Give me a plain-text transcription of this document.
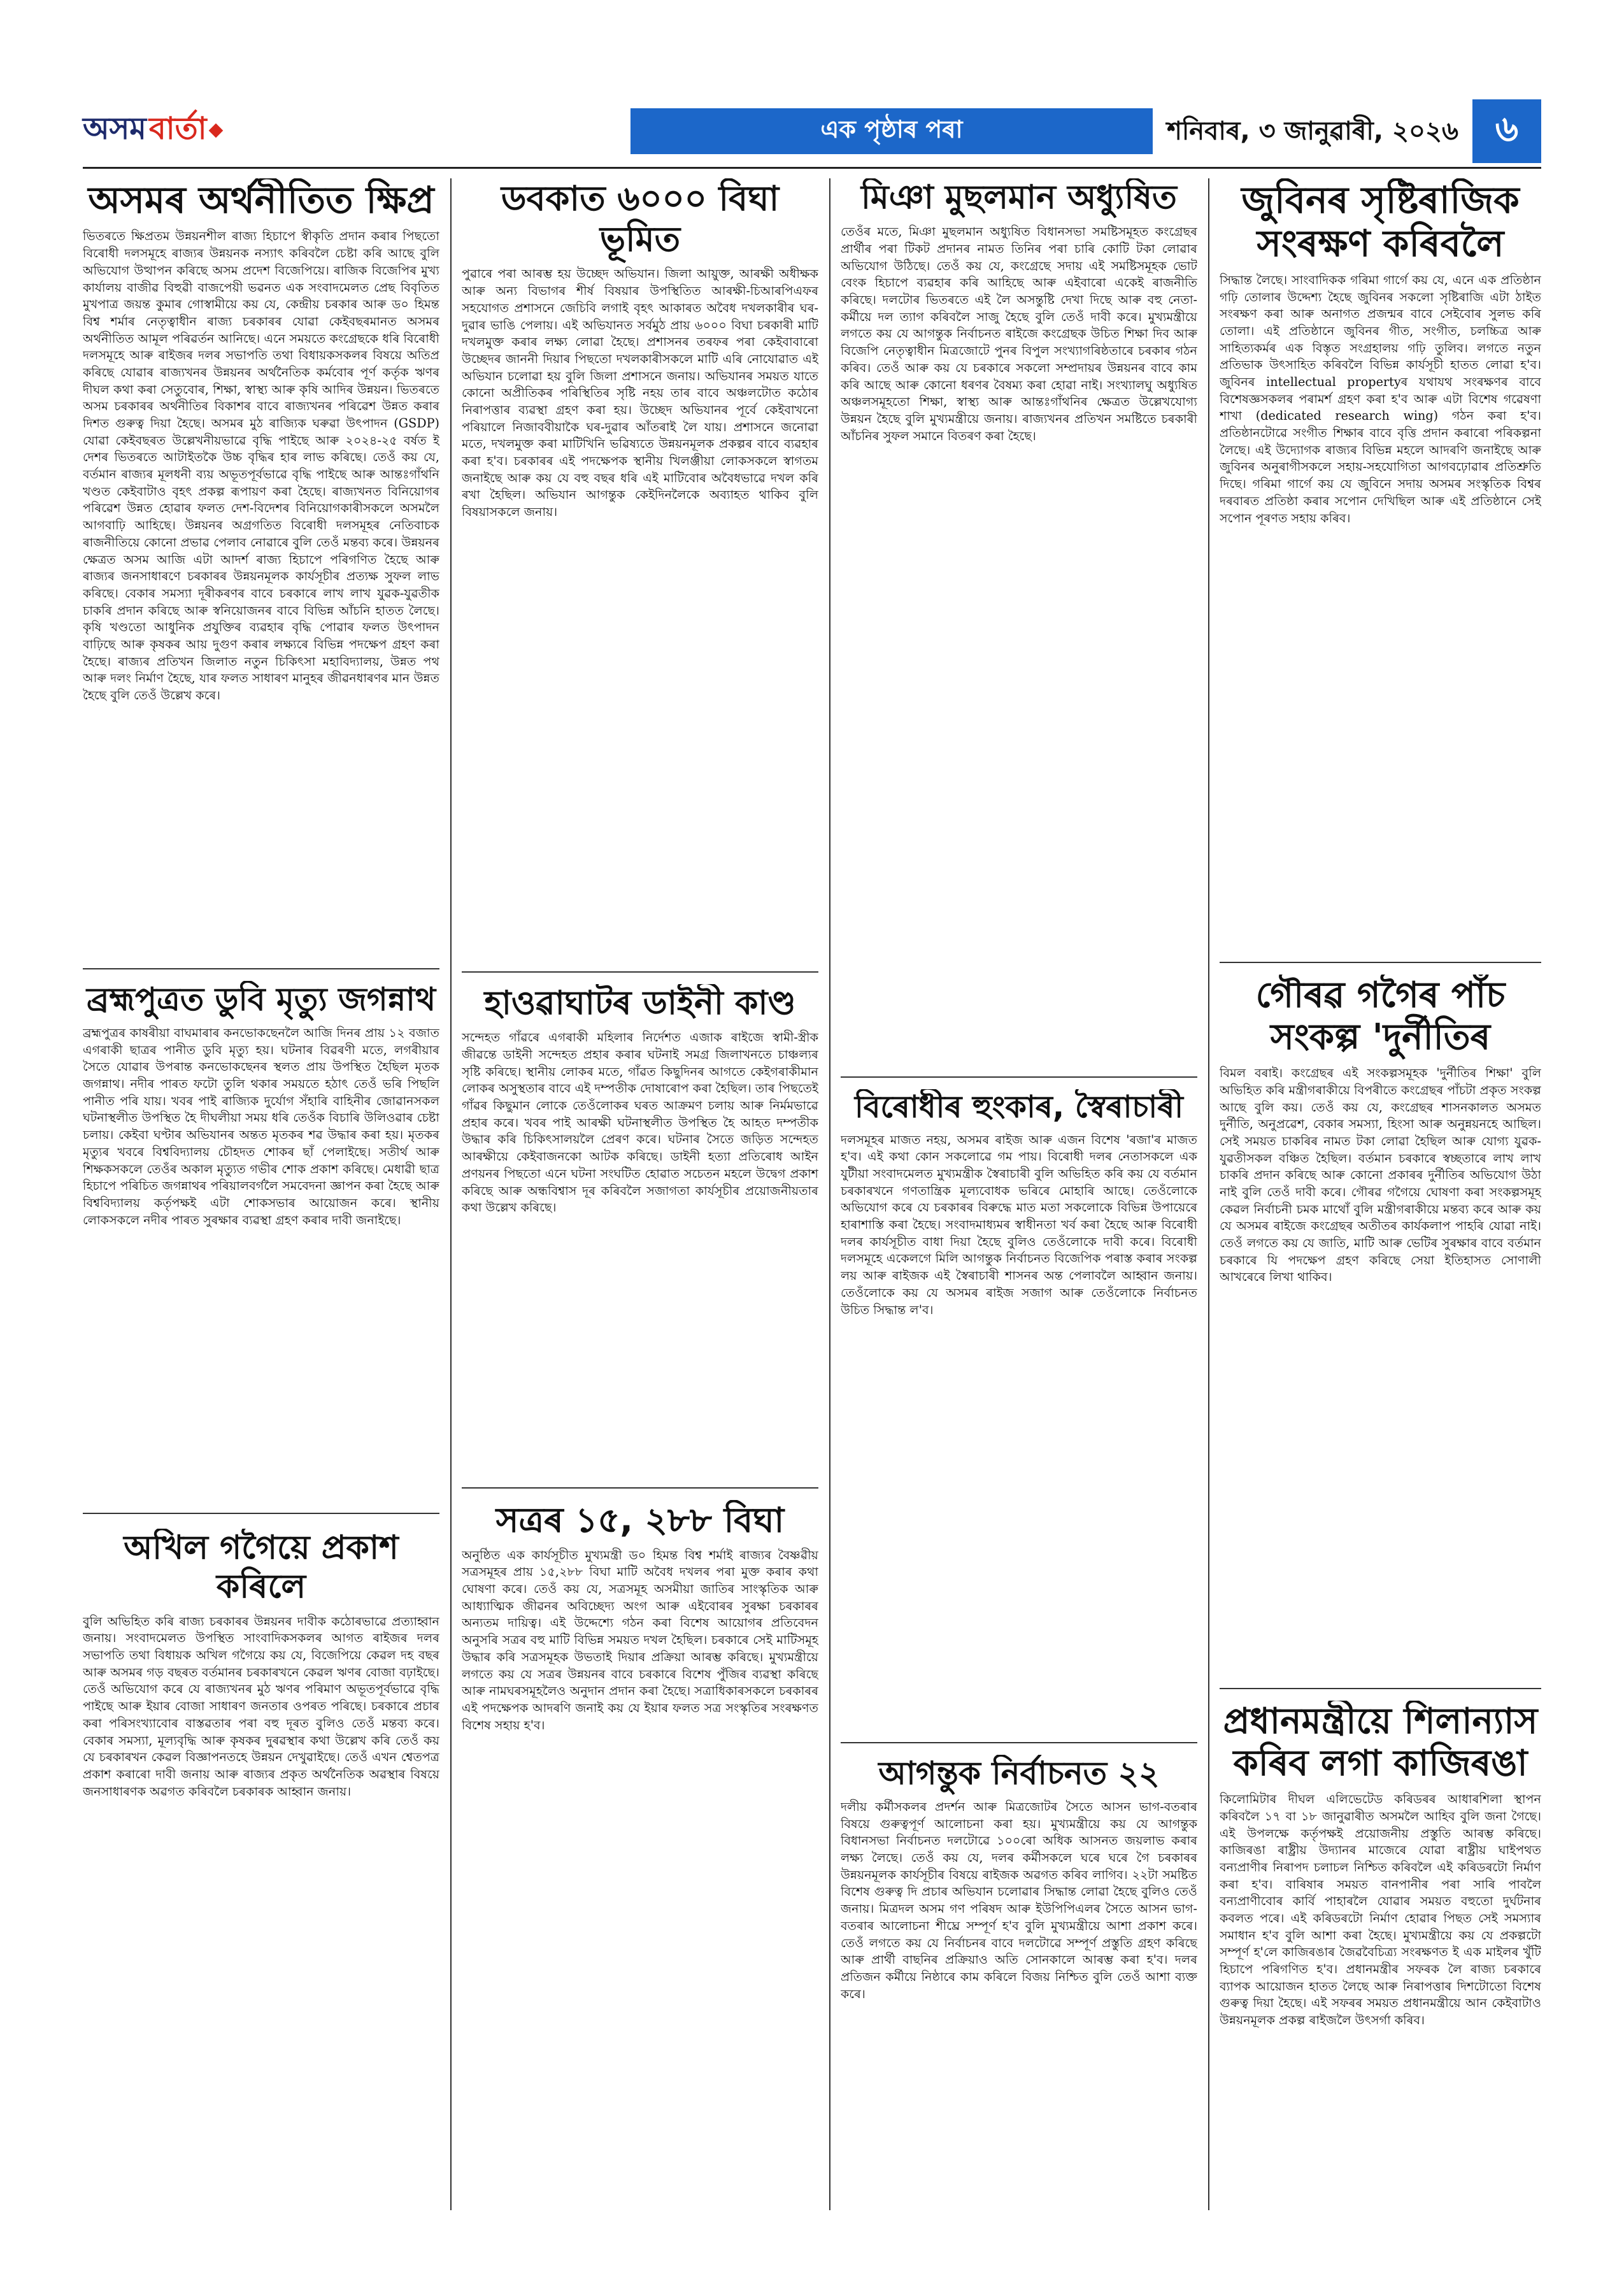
অসম বাৰ্তা	এক পৃষ্ঠাৰ পৰা	শনিবাৰ, ৩ জানুৱাৰী, ২০২৬	৬
অসমৰ অৰ্থনীতিত ক্ষিপ্ৰ

ভিতৰতে ক্ষিপ্ৰতম উন্নয়নশীল ৰাজ্য হিচাপে স্বীকৃতি প্ৰদান কৰাৰ পিছতো বিৰোধী দলসমূহে ৰাজ্যৰ উন্নয়নক নস্যাৎ কৰিবলৈ চেষ্টা কৰি আছে বুলি অভিযোগ উত্থাপন কৰিছে অসম প্ৰদেশ বিজেপিয়ে। ৰাজিক বিজেপিৰ মুখ্য কাৰ্যালয় বাজীৱ বিহুৱী বাজপেয়ী ভৱনত এক সংবাদমেলত প্ৰেছ বিবৃতিত মুখপাত্ৰ জয়ন্ত কুমাৰ গোস্বামীয়ে কয় যে, কেন্দ্ৰীয় চৰকাৰ আৰু ড০ হিমন্ত বিশ্ব শৰ্মাৰ নেতৃত্বাধীন ৰাজ্য চৰকাৰৰ যোৱা কেইবছৰমানত অসমৰ অৰ্থনীতিত আমূল পৰিৱৰ্তন আনিছে। এনে সময়তে কংগ্ৰেছকে ধৰি বিৰোধী দলসমূহে আৰু ৰাইজৰ দলৰ সভাপতি তথা বিধায়কসকলৰ বিষয়ে অতিপ্ৰ কৰিছে যোৱাৰ ৰাজ্যখনৰ উন্নয়নৰ অৰ্থনৈতিক কৰ্মবোৰ পূৰ্ণ কৰ্তৃক ঋণৰ দীঘল কথা কৰা সেতুবোৰ, শিক্ষা, স্বাস্থ্য আৰু কৃষি আদিৰ উন্নয়ন। ভিতৰতে অসম চৰকাৰৰ অৰ্থনীতিৰ বিকাশৰ বাবে ৰাজ্যখনৰ পৰিৱেশ উন্নত কৰাৰ দিশত গুৰুত্ব দিয়া হৈছে। অসমৰ মুঠ ৰাজ্যিক ঘৰুৱা উৎপাদন (GSDP) যোৱা কেইবছৰত উল্লেখনীয়ভাৱে বৃদ্ধি পাইছে আৰু ২০২৪-২৫ বৰ্ষত ই দেশৰ ভিতৰতে আটাইতকৈ উচ্চ বৃদ্ধিৰ হাৰ লাভ কৰিছে। তেওঁ কয় যে, বৰ্তমান ৰাজ্যৰ মূলধনী ব্যয় অভূতপূৰ্বভাৱে বৃদ্ধি পাইছে আৰু আন্তঃগাঁথনি খণ্ডত কেইবাটাও বৃহৎ প্ৰকল্প ৰূপায়ণ কৰা হৈছে। ৰাজ্যখনত বিনিয়োগৰ পৰিৱেশ উন্নত হোৱাৰ ফলত দেশ-বিদেশৰ বিনিয়োগকাৰীসকলে অসমলৈ আগবাঢ়ি আহিছে। উন্নয়নৰ অগ্ৰগতিত বিৰোধী দলসমূহৰ নেতিবাচক ৰাজনীতিয়ে কোনো প্ৰভাৱ পেলাব নোৱাৰে বুলি তেওঁ মন্তব্য কৰে। উন্নয়নৰ ক্ষেত্ৰত অসম আজি এটা আদৰ্শ ৰাজ্য হিচাপে পৰিগণিত হৈছে আৰু ৰাজ্যৰ জনসাধাৰণে চৰকাৰৰ উন্নয়নমূলক কাৰ্যসূচীৰ প্ৰত্যক্ষ সুফল লাভ কৰিছে। বেকাৰ সমস্যা দূৰীকৰণৰ বাবে চৰকাৰে লাখ লাখ যুৱক-যুৱতীক চাকৰি প্ৰদান কৰিছে আৰু স্বনিয়োজনৰ বাবে বিভিন্ন আঁচনি হাতত লৈছে। কৃষি খণ্ডতো আধুনিক প্ৰযুক্তিৰ ব্যৱহাৰ বৃদ্ধি পোৱাৰ ফলত উৎপাদন বাঢ়িছে আৰু কৃষকৰ আয় দুগুণ কৰাৰ লক্ষ্যৰে বিভিন্ন পদক্ষেপ গ্ৰহণ কৰা হৈছে। ৰাজ্যৰ প্ৰতিখন জিলাত নতুন চিকিৎসা মহাবিদ্যালয়, উন্নত পথ আৰু দলং নিৰ্মাণ হৈছে, যাৰ ফলত সাধাৰণ মানুহৰ জীৱনধাৰণৰ মান উন্নত হৈছে বুলি তেওঁ উল্লেখ কৰে।

ব্ৰহ্মপুত্ৰত ডুবি মৃত্যু জগন্নাথ

ব্ৰহ্মপুত্ৰৰ কাষৰীয়া বাঘমাৰাৰ কনভোকছেনলৈ আজি দিনৰ প্ৰায় ১২ বজাত এগৰাকী ছাত্ৰৰ পানীত ডুবি মৃত্যু হয়। ঘটনাৰ বিৱৰণী মতে, লগৰীয়াৰ সৈতে যোৱাৰ উপৰান্ত কনভোকছেনৰ স্থলত প্ৰায় উপস্থিত হৈছিল মৃতক জগন্নাথ। নদীৰ পাৰত ফটো তুলি থকাৰ সময়তে হঠাৎ তেওঁ ভৰি পিছলি পানীত পৰি যায়। খবৰ পাই ৰাজ্যিক দুৰ্যোগ সঁহাৰি বাহিনীৰ জোৱানসকল ঘটনাস্থলীত উপস্থিত হৈ দীঘলীয়া সময় ধৰি তেওঁক বিচাৰি উলিওৱাৰ চেষ্টা চলায়। কেইবা ঘণ্টাৰ অভিযানৰ অন্তত মৃতকৰ শৱ উদ্ধাৰ কৰা হয়। মৃতকৰ মৃত্যুৰ খবৰে বিশ্ববিদ্যালয় চৌহদত শোকৰ ছাঁ পেলাইছে। সতীৰ্থ আৰু শিক্ষকসকলে তেওঁৰ অকাল মৃত্যুত গভীৰ শোক প্ৰকাশ কৰিছে। মেধাৱী ছাত্ৰ হিচাপে পৰিচিত জগন্নাথৰ পৰিয়ালবৰ্গলৈ সমবেদনা জ্ঞাপন কৰা হৈছে আৰু বিশ্ববিদ্যালয় কৰ্তৃপক্ষই এটা শোকসভাৰ আয়োজন কৰে। স্থানীয় লোকসকলে নদীৰ পাৰত সুৰক্ষাৰ ব্যৱস্থা গ্ৰহণ কৰাৰ দাবী জনাইছে।

অখিল গগৈয়ে প্ৰকাশ কৰিলে

বুলি অভিহিত কৰি ৰাজ্য চৰকাৰৰ উন্নয়নৰ দাবীক কঠোৰভাৱে প্ৰত্যাহ্বান জনায়। সংবাদমেলত উপস্থিত সাংবাদিকসকলৰ আগত ৰাইজৰ দলৰ সভাপতি তথা বিধায়ক অখিল গগৈয়ে কয় যে, বিজেপিয়ে কেৱল দহ বছৰ আৰু অসমৰ গড় বছৰত বৰ্তমানৰ চৰকাৰখনে কেৱল ঋণৰ বোজা বঢ়াইছে। তেওঁ অভিযোগ কৰে যে ৰাজ্যখনৰ মুঠ ঋণৰ পৰিমাণ অভূতপূৰ্বভাৱে বৃদ্ধি পাইছে আৰু ইয়াৰ বোজা সাধাৰণ জনতাৰ ওপৰত পৰিছে। চৰকাৰে প্ৰচাৰ কৰা পৰিসংখ্যাবোৰ বাস্তৱতাৰ পৰা বহু দূৰত বুলিও তেওঁ মন্তব্য কৰে। বেকাৰ সমস্যা, মূল্যবৃদ্ধি আৰু কৃষকৰ দুৰৱস্থাৰ কথা উল্লেখ কৰি তেওঁ কয় যে চৰকাৰখন কেৱল বিজ্ঞাপনতহে উন্নয়ন দেখুৱাইছে। তেওঁ এখন শ্বেতপত্ৰ প্ৰকাশ কৰাৰো দাবী জনায় আৰু ৰাজ্যৰ প্ৰকৃত অৰ্থনৈতিক অৱস্থাৰ বিষয়ে জনসাধাৰণক অৱগত কৰিবলৈ চৰকাৰক আহ্বান জনায়।

ডবকাত ৬০০০ বিঘা ভূমিত

পুৱাৰে পৰা আৰম্ভ হয় উচ্ছেদ অভিযান। জিলা আয়ুক্ত, আৰক্ষী অধীক্ষক আৰু অন্য বিভাগৰ শীৰ্ষ বিষয়াৰ উপস্থিতিত আৰক্ষী-চিআৰপিএফৰ সহযোগত প্ৰশাসনে জেচিবি লগাই বৃহৎ আকাৰত অবৈধ দখলকাৰীৰ ঘৰ-দুৱাৰ ভাঙি পেলায়। এই অভিযানত সৰ্বমুঠ প্ৰায় ৬০০০ বিঘা চৰকাৰী মাটি দখলমুক্ত কৰাৰ লক্ষ্য লোৱা হৈছে। প্ৰশাসনৰ তৰফৰ পৰা কেইবাবাৰো উচ্ছেদৰ জাননী দিয়াৰ পিছতো দখলকাৰীসকলে মাটি এৰি নোযোৱাত এই অভিযান চলোৱা হয় বুলি জিলা প্ৰশাসনে জনায়। অভিযানৰ সময়ত যাতে কোনো অপ্ৰীতিকৰ পৰিস্থিতিৰ সৃষ্টি নহয় তাৰ বাবে অঞ্চলটোত কঠোৰ নিৰাপত্তাৰ ব্যৱস্থা গ্ৰহণ কৰা হয়। উচ্ছেদ অভিযানৰ পূৰ্বে কেইবাখনো পৰিয়ালে নিজাববীয়াকৈ ঘৰ-দুৱাৰ আঁতৰাই লৈ যায়। প্ৰশাসনে জনোৱা মতে, দখলমুক্ত কৰা মাটিখিনি ভৱিষ্যতে উন্নয়নমূলক প্ৰকল্পৰ বাবে ব্যৱহাৰ কৰা হ'ব। চৰকাৰৰ এই পদক্ষেপক স্থানীয় খিলঞ্জীয়া লোকসকলে স্বাগতম জনাইছে আৰু কয় যে বহু বছৰ ধৰি এই মাটিবোৰ অবৈধভাৱে দখল কৰি ৰখা হৈছিল। অভিযান আগন্তুক কেইদিনলৈকে অব্যাহত থাকিব বুলি বিষয়াসকলে জনায়।

হাওৱাঘাটৰ ডাইনী কাণ্ড

সন্দেহত গাঁৱৰে এগৰাকী মহিলাৰ নিৰ্দেশত এজাক ৰাইজে স্বামী-স্ত্ৰীক জীৱন্তে ডাইনী সন্দেহত প্ৰহাৰ কৰাৰ ঘটনাই সমগ্ৰ জিলাখনতে চাঞ্চল্যৰ সৃষ্টি কৰিছে। স্থানীয় লোকৰ মতে, গাঁৱত কিছুদিনৰ আগতে কেইগৰাকীমান লোকৰ অসুস্থতাৰ বাবে এই দম্পতীক দোষাৰোপ কৰা হৈছিল। তাৰ পিছতেই গাঁৱৰ কিছুমান লোকে তেওঁলোকৰ ঘৰত আক্ৰমণ চলায় আৰু নিৰ্মমভাৱে প্ৰহাৰ কৰে। খবৰ পাই আৰক্ষী ঘটনাস্থলীত উপস্থিত হৈ আহত দম্পতীক উদ্ধাৰ কৰি চিকিৎসালয়লৈ প্ৰেৰণ কৰে। ঘটনাৰ সৈতে জড়িত সন্দেহত আৰক্ষীয়ে কেইবাজনকো আটক কৰিছে। ডাইনী হত্যা প্ৰতিৰোধ আইন প্ৰণয়নৰ পিছতো এনে ঘটনা সংঘটিত হোৱাত সচেতন মহলে উদ্বেগ প্ৰকাশ কৰিছে আৰু অন্ধবিশ্বাস দূৰ কৰিবলৈ সজাগতা কাৰ্যসূচীৰ প্ৰয়োজনীয়তাৰ কথা উল্লেখ কৰিছে।

সত্ৰৰ ১৫, ২৮৮ বিঘা

অনুষ্ঠিত এক কাৰ্যসূচীত মুখ্যমন্ত্ৰী ড০ হিমন্ত বিশ্ব শৰ্মাই ৰাজ্যৰ বৈষ্ণৱীয় সত্ৰসমূহৰ প্ৰায় ১৫,২৮৮ বিঘা মাটি অবৈধ দখলৰ পৰা মুক্ত কৰাৰ কথা ঘোষণা কৰে। তেওঁ কয় যে, সত্ৰসমূহ অসমীয়া জাতিৰ সাংস্কৃতিক আৰু আধ্যাত্মিক জীৱনৰ অবিচ্ছেদ্য অংগ আৰু এইবোৰৰ সুৰক্ষা চৰকাৰৰ অন্যতম দায়িত্ব। এই উদ্দেশ্যে গঠন কৰা বিশেষ আয়োগৰ প্ৰতিবেদন অনুসৰি সত্ৰৰ বহু মাটি বিভিন্ন সময়ত দখল হৈছিল। চৰকাৰে সেই মাটিসমূহ উদ্ধাৰ কৰি সত্ৰসমূহক উভতাই দিয়াৰ প্ৰক্ৰিয়া আৰম্ভ কৰিছে। মুখ্যমন্ত্ৰীয়ে লগতে কয় যে সত্ৰৰ উন্নয়নৰ বাবে চৰকাৰে বিশেষ পুঁজিৰ ব্যৱস্থা কৰিছে আৰু নামঘৰসমূহলৈও অনুদান প্ৰদান কৰা হৈছে। সত্ৰাধিকাৰসকলে চৰকাৰৰ এই পদক্ষেপক আদৰণি জনাই কয় যে ইয়াৰ ফলত সত্ৰ সংস্কৃতিৰ সংৰক্ষণত বিশেষ সহায় হ'ব।

মিঞা মুছলমান অধ্যুষিত

তেওঁৰ মতে, মিঞা মুছলমান অধ্যুষিত বিধানসভা সমষ্টিসমূহত কংগ্ৰেছৰ প্ৰাৰ্থীৰ পৰা টিকট প্ৰদানৰ নামত তিনিৰ পৰা চাৰি কোটি টকা লোৱাৰ অভিযোগ উঠিছে। তেওঁ কয় যে, কংগ্ৰেছে সদায় এই সমষ্টিসমূহক ভোট বেংক হিচাপে ব্যৱহাৰ কৰি আহিছে আৰু এইবাৰো একেই ৰাজনীতি কৰিছে। দলটোৰ ভিতৰতে এই লৈ অসন্তুষ্টি দেখা দিছে আৰু বহু নেতা-কৰ্মীয়ে দল ত্যাগ কৰিবলৈ সাজু হৈছে বুলি তেওঁ দাবী কৰে। মুখ্যমন্ত্ৰীয়ে লগতে কয় যে আগন্তুক নিৰ্বাচনত ৰাইজে কংগ্ৰেছক উচিত শিক্ষা দিব আৰু বিজেপি নেতৃত্বাধীন মিত্ৰজোটে পুনৰ বিপুল সংখ্যাগৰিষ্ঠতাৰে চৰকাৰ গঠন কৰিব। তেওঁ আৰু কয় যে চৰকাৰে সকলো সম্প্ৰদায়ৰ উন্নয়নৰ বাবে কাম কৰি আছে আৰু কোনো ধৰণৰ বৈষম্য কৰা হোৱা নাই। সংখ্যালঘু অধ্যুষিত অঞ্চলসমূহতো শিক্ষা, স্বাস্থ্য আৰু আন্তঃগাঁথনিৰ ক্ষেত্ৰত উল্লেখযোগ্য উন্নয়ন হৈছে বুলি মুখ্যমন্ত্ৰীয়ে জনায়। ৰাজ্যখনৰ প্ৰতিখন সমষ্টিতে চৰকাৰী আঁচনিৰ সুফল সমানে বিতৰণ কৰা হৈছে।

বিৰোধীৰ হুংকাৰ, স্বৈৰাচাৰী

দলসমূহৰ মাজত নহয়, অসমৰ ৰাইজ আৰু এজন বিশেষ 'ৰজা'ৰ মাজত হ'ব। এই কথা কোন সকলোৱে গম পায়। বিৰোধী দলৰ নেতাসকলে এক যুটীয়া সংবাদমেলত মুখ্যমন্ত্ৰীক স্বৈৰাচাৰী বুলি অভিহিত কৰি কয় যে বৰ্তমান চৰকাৰখনে গণতান্ত্ৰিক মূল্যবোধক ভৰিৰে মোহাৰি আছে। তেওঁলোকে অভিযোগ কৰে যে চৰকাৰৰ বিৰুদ্ধে মাত মতা সকলোকে বিভিন্ন উপায়েৰে হাৰাশাস্তি কৰা হৈছে। সংবাদমাধ্যমৰ স্বাধীনতা খৰ্ব কৰা হৈছে আৰু বিৰোধী দলৰ কাৰ্যসূচীত বাধা দিয়া হৈছে বুলিও তেওঁলোকে দাবী কৰে। বিৰোধী দলসমূহে একেলগে মিলি আগন্তুক নিৰ্বাচনত বিজেপিক পৰাস্ত কৰাৰ সংকল্প লয় আৰু ৰাইজক এই স্বৈৰাচাৰী শাসনৰ অন্ত পেলাবলৈ আহ্বান জনায়। তেওঁলোকে কয় যে অসমৰ ৰাইজ সজাগ আৰু তেওঁলোকে নিৰ্বাচনত উচিত সিদ্ধান্ত ল'ব।

আগন্তুক নিৰ্বাচনত ২২

দলীয় কৰ্মীসকলৰ প্ৰদৰ্শন আৰু মিত্ৰজোটৰ সৈতে আসন ভাগ-বতৰাৰ বিষয়ে গুৰুত্বপূৰ্ণ আলোচনা কৰা হয়। মুখ্যমন্ত্ৰীয়ে কয় যে আগন্তুক বিধানসভা নিৰ্বাচনত দলটোৱে ১০০ৰো অধিক আসনত জয়লাভ কৰাৰ লক্ষ্য লৈছে। তেওঁ কয় যে, দলৰ কৰ্মীসকলে ঘৰে ঘৰে গৈ চৰকাৰৰ উন্নয়নমূলক কাৰ্যসূচীৰ বিষয়ে ৰাইজক অৱগত কৰিব লাগিব। ২২টা সমষ্টিত বিশেষ গুৰুত্ব দি প্ৰচাৰ অভিযান চলোৱাৰ সিদ্ধান্ত লোৱা হৈছে বুলিও তেওঁ জনায়। মিত্ৰদল অসম গণ পৰিষদ আৰু ইউপিপিএলৰ সৈতে আসন ভাগ-বতৰাৰ আলোচনা শীঘ্ৰে সম্পূৰ্ণ হ'ব বুলি মুখ্যমন্ত্ৰীয়ে আশা প্ৰকাশ কৰে। তেওঁ লগতে কয় যে নিৰ্বাচনৰ বাবে দলটোৱে সম্পূৰ্ণ প্ৰস্তুতি গ্ৰহণ কৰিছে আৰু প্ৰাৰ্থী বাছনিৰ প্ৰক্ৰিয়াও অতি সোনকালে আৰম্ভ কৰা হ'ব। দলৰ প্ৰতিজন কৰ্মীয়ে নিষ্ঠাৰে কাম কৰিলে বিজয় নিশ্চিত বুলি তেওঁ আশা ব্যক্ত কৰে।

জুবিনৰ সৃষ্টিৰাজিক সংৰক্ষণ কৰিবলৈ

সিদ্ধান্ত লৈছে। সাংবাদিকক গৰিমা গাৰ্গে কয় যে, এনে এক প্ৰতিষ্ঠান গঢ়ি তোলাৰ উদ্দেশ্য হৈছে জুবিনৰ সকলো সৃষ্টিৰাজি এটা ঠাইত সংৰক্ষণ কৰা আৰু অনাগত প্ৰজন্মৰ বাবে সেইবোৰ সুলভ কৰি তোলা। এই প্ৰতিষ্ঠানে জুবিনৰ গীত, সংগীত, চলচ্চিত্ৰ আৰু সাহিত্যকৰ্মৰ এক বিস্তৃত সংগ্ৰহালয় গঢ়ি তুলিব। লগতে নতুন প্ৰতিভাক উৎসাহিত কৰিবলৈ বিভিন্ন কাৰ্যসূচী হাতত লোৱা হ'ব। জুবিনৰ intellectual propertyৰ যথাযথ সংৰক্ষণৰ বাবে বিশেষজ্ঞসকলৰ পৰামৰ্শ গ্ৰহণ কৰা হ'ব আৰু এটা বিশেষ গৱেষণা শাখা (dedicated research wing) গঠন কৰা হ'ব। প্ৰতিষ্ঠানটোৱে সংগীত শিক্ষাৰ বাবে বৃত্তি প্ৰদান কৰাৰো পৰিকল্পনা লৈছে। এই উদ্যোগক ৰাজ্যৰ বিভিন্ন মহলে আদৰণি জনাইছে আৰু জুবিনৰ অনুৰাগীসকলে সহায়-সহযোগিতা আগবঢ়োৱাৰ প্ৰতিশ্ৰুতি দিছে। গৰিমা গাৰ্গে কয় যে জুবিনে সদায় অসমৰ সংস্কৃতিক বিশ্বৰ দৰবাৰত প্ৰতিষ্ঠা কৰাৰ সপোন দেখিছিল আৰু এই প্ৰতিষ্ঠানে সেই সপোন পূৰণত সহায় কৰিব।

গৌৰৱ গগৈৰ পাঁচ সংকল্প 'দুৰ্নীতিৰ

বিমল বৰাই। কংগ্ৰেছৰ এই সংকল্পসমূহক 'দুৰ্নীতিৰ শিক্ষা' বুলি অভিহিত কৰি মন্ত্ৰীগৰাকীয়ে বিপৰীতে কংগ্ৰেছৰ পাঁচটা প্ৰকৃত সংকল্প আছে বুলি কয়। তেওঁ কয় যে, কংগ্ৰেছৰ শাসনকালত অসমত দুৰ্নীতি, অনুপ্ৰৱেশ, বেকাৰ সমস্যা, হিংসা আৰু অনুন্নয়নহে আছিল। সেই সময়ত চাকৰিৰ নামত টকা লোৱা হৈছিল আৰু যোগ্য যুৱক-যুৱতীসকল বঞ্চিত হৈছিল। বৰ্তমান চৰকাৰে স্বচ্ছতাৰে লাখ লাখ চাকৰি প্ৰদান কৰিছে আৰু কোনো প্ৰকাৰৰ দুৰ্নীতিৰ অভিযোগ উঠা নাই বুলি তেওঁ দাবী কৰে। গৌৰৱ গগৈয়ে ঘোষণা কৰা সংকল্পসমূহ কেৱল নিৰ্বাচনী চমক মাথোঁ বুলি মন্ত্ৰীগৰাকীয়ে মন্তব্য কৰে আৰু কয় যে অসমৰ ৰাইজে কংগ্ৰেছৰ অতীতৰ কাৰ্যকলাপ পাহৰি যোৱা নাই। তেওঁ লগতে কয় যে জাতি, মাটি আৰু ভেটিৰ সুৰক্ষাৰ বাবে বৰ্তমান চৰকাৰে যি পদক্ষেপ গ্ৰহণ কৰিছে সেয়া ইতিহাসত সোণালী আখৰেৰে লিখা থাকিব।

প্ৰধানমন্ত্ৰীয়ে শিলান্যাস কৰিব লগা কাজিৰঙা

কিলোমিটাৰ দীঘল এলিভেটেড কৰিডৰৰ আধাৰশিলা স্থাপন কৰিবলৈ ১৭ বা ১৮ জানুৱাৰীত অসমলৈ আহিব বুলি জনা গৈছে। এই উপলক্ষে কৰ্তৃপক্ষই প্ৰয়োজনীয় প্ৰস্তুতি আৰম্ভ কৰিছে। কাজিৰঙা ৰাষ্ট্ৰীয় উদ্যানৰ মাজেৰে যোৱা ৰাষ্ট্ৰীয় ঘাইপথত বন্যপ্ৰাণীৰ নিৰাপদ চলাচল নিশ্চিত কৰিবলৈ এই কৰিডৰটো নিৰ্মাণ কৰা হ'ব। বাৰিষাৰ সময়ত বানপানীৰ পৰা সাৰি পাবলৈ বন্যপ্ৰাণীবোৰ কাৰ্বি পাহাৰলৈ যোৱাৰ সময়ত বহুতো দুৰ্ঘটনাৰ কবলত পৰে। এই কৰিডৰটো নিৰ্মাণ হোৱাৰ পিছত সেই সমস্যাৰ সমাধান হ'ব বুলি আশা কৰা হৈছে। মুখ্যমন্ত্ৰীয়ে কয় যে প্ৰকল্পটো সম্পূৰ্ণ হ'লে কাজিৰঙাৰ জৈৱবৈচিত্ৰ্য সংৰক্ষণত ই এক মাইলৰ খুঁটি হিচাপে পৰিগণিত হ'ব। প্ৰধানমন্ত্ৰীৰ সফৰক লৈ ৰাজ্য চৰকাৰে ব্যাপক আয়োজন হাতত লৈছে আৰু নিৰাপত্তাৰ দিশটোতো বিশেষ গুৰুত্ব দিয়া হৈছে। এই সফৰৰ সময়ত প্ৰধানমন্ত্ৰীয়ে আন কেইবাটাও উন্নয়নমূলক প্ৰকল্প ৰাইজলৈ উৎসৰ্গা কৰিব।
